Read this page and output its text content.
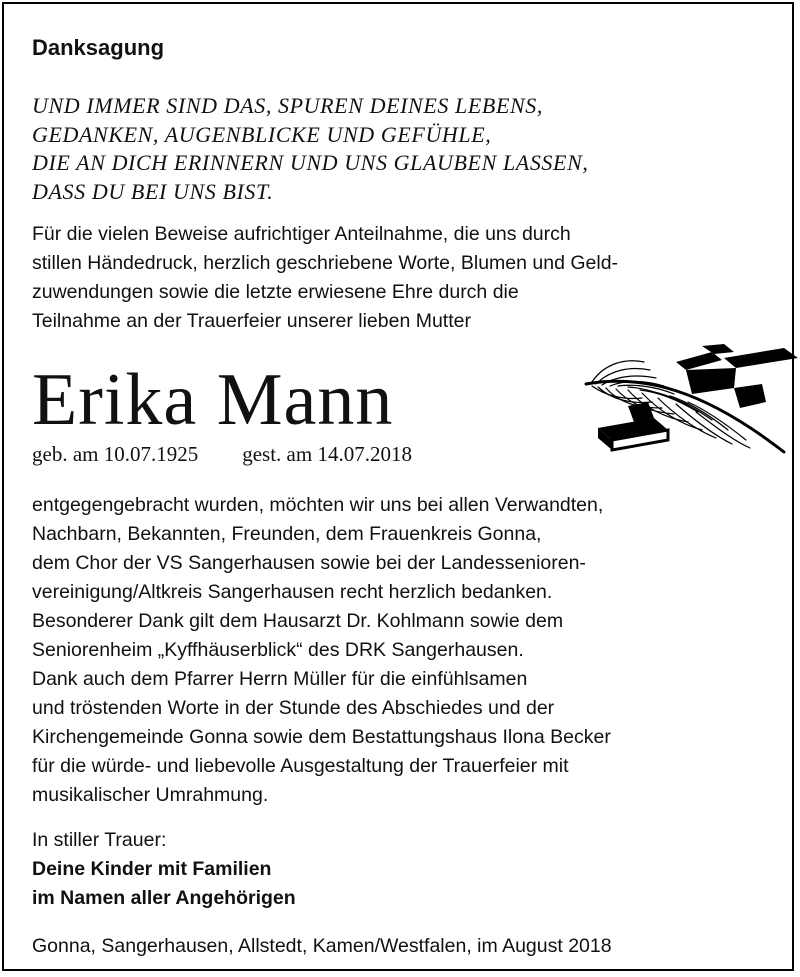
Danksagung

UND IMMER SIND DAS, SPUREN DEINES LEBENS,
GEDANKEN, AUGENBLICKE UND GEFÜHLE,
DIE AN DICH ERINNERN UND UNS GLAUBEN LASSEN,
DASS DU BEI UNS BIST.

Für die vielen Beweise aufrichtiger Anteilnahme, die uns durch
stillen Händedruck, herzlich geschriebene Worte, Blumen und Geld-
zuwendungen sowie die letzte erwiesene Ehre durch die
Teilnahme an der Trauerfeier unserer lieben Mutter

Erika Mann
geb. am 10.07.1925 gest. am 14.07.2018

entgegengebracht wurden, möchten wir uns bei allen Verwandten,
Nachbarn, Bekannten, Freunden, dem Frauenkreis Gonna,
dem Chor der VS Sangerhausen sowie bei der Landessenioren-
vereinigung/Altkreis Sangerhausen recht herzlich bedanken.
Besonderer Dank gilt dem Hausarzt Dr. Kohlmann sowie dem
Seniorenheim „Kyffhäuserblick“ des DRK Sangerhausen.
Dank auch dem Pfarrer Herrn Müller für die einfühlsamen
und tröstenden Worte in der Stunde des Abschiedes und der
Kirchengemeinde Gonna sowie dem Bestattungshaus Ilona Becker
für die würde- und liebevolle Ausgestaltung der Trauerfeier mit
musikalischer Umrahmung.

In stiller Trauer:
Deine Kinder mit Familien
im Namen aller Angehörigen
Gonna, Sangerhausen, Allstedt, Kamen/Westfalen, im August 2018
